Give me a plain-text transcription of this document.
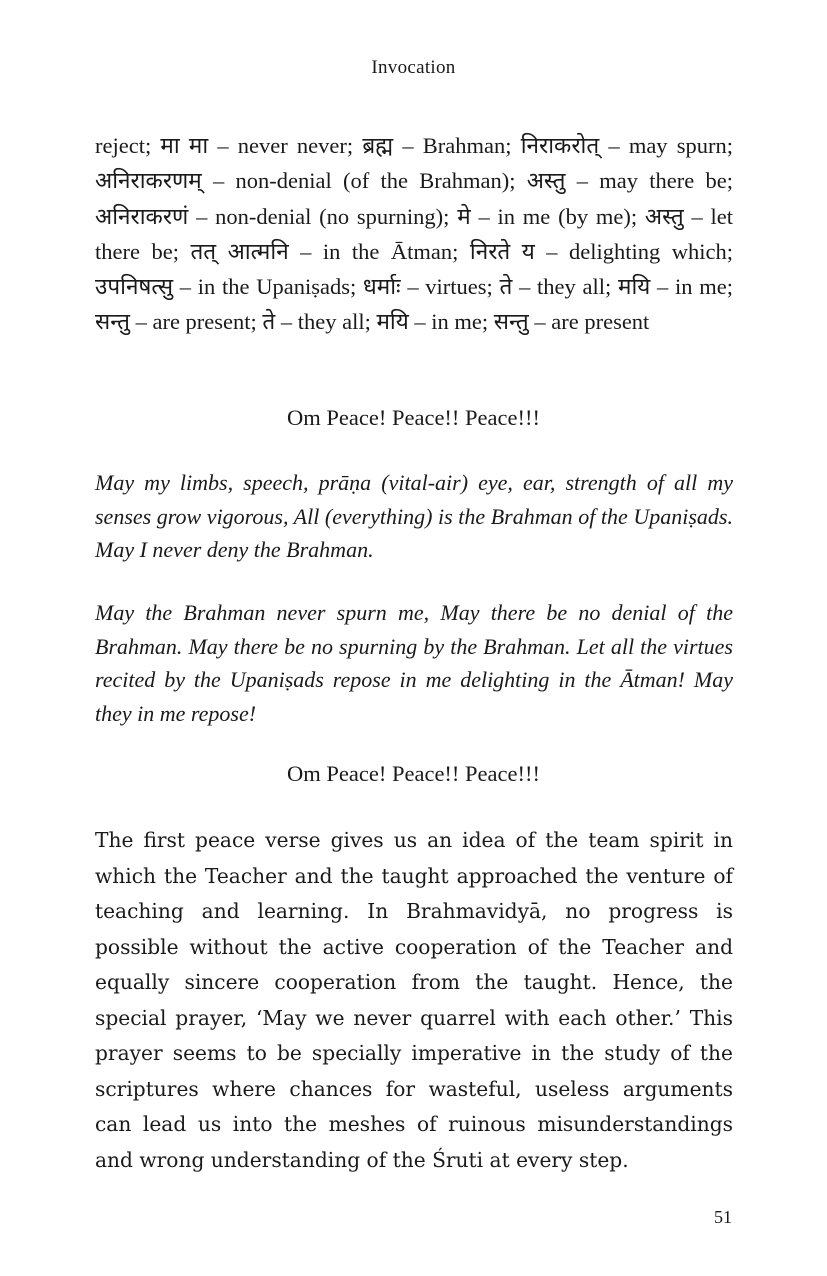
Invocation

reject; मा मा – never never; ब्रह्म – Brahman; निराकरोत् – may spurn; अनिराकरणम् – non-denial (of the Brahman); अस्तु – may there be; अनिराकरणं – non-denial (no spurning); मे – in me (by me); अस्तु – let there be; तत् आत्मनि – in the Ātman; निरते य – delighting which; उपनिषत्सु – in the Upaniṣads; धर्माः – virtues; ते – they all; मयि – in me; सन्तु – are present; ते – they all; मयि – in me; सन्तु – are present

Om Peace! Peace!! Peace!!!

May my limbs, speech, prāṇa (vital-air) eye, ear, strength of all my senses grow vigorous, All (everything) is the Brahman of the Upaniṣads. May I never deny the Brahman.

May the Brahman never spurn me, May there be no denial of the Brahman. May there be no spurning by the Brahman. Let all the virtues recited by the Upaniṣads repose in me delighting in the Ātman! May they in me repose!

Om Peace! Peace!! Peace!!!

The first peace verse gives us an idea of the team spirit in which the Teacher and the taught approached the venture of teaching and learning. In Brahmavidyā, no progress is possible without the active cooperation of the Teacher and equally sincere cooperation from the taught. Hence, the special prayer, ‘May we never quarrel with each other.’ This prayer seems to be specially imperative in the study of the scriptures where chances for wasteful, useless arguments can lead us into the meshes of ruinous misunderstandings and wrong understanding of the Śruti at every step.

51
